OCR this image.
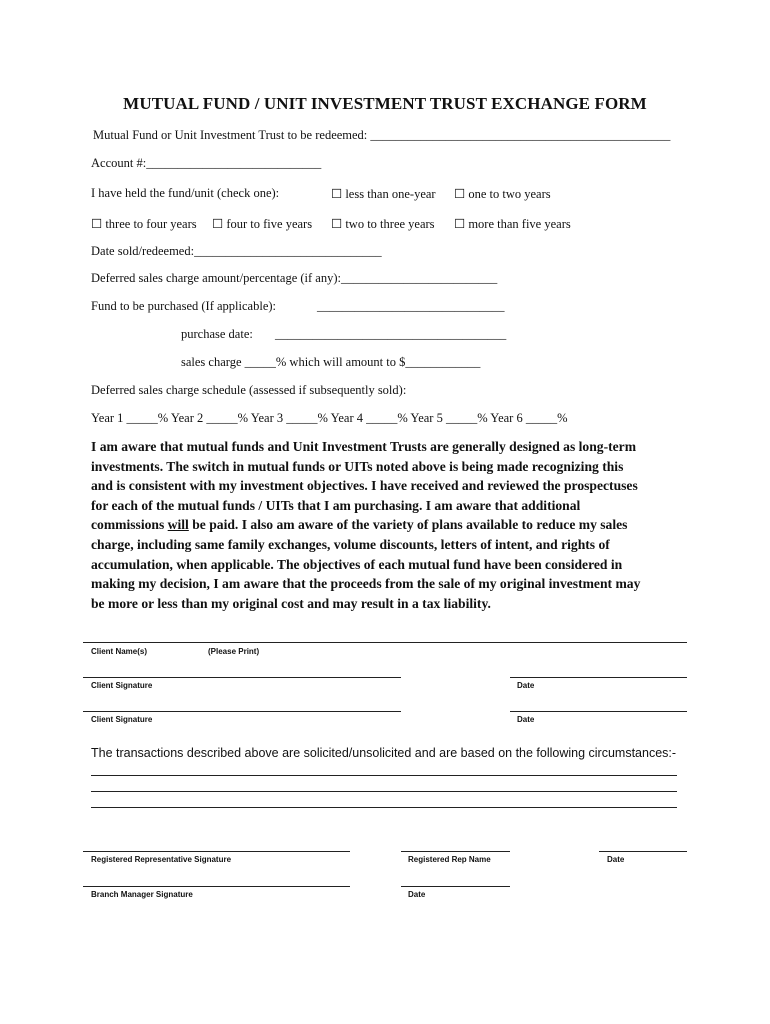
MUTUAL FUND / UNIT INVESTMENT TRUST EXCHANGE FORM
Mutual Fund or Unit Investment Trust to be redeemed: ________________________________________________
Account #:____________________________
I have held the fund/unit (check one):	☐ less than one-year ☐ one to two years
☐ three to four years ☐ four to five years ☐ two to three years ☐ more than five years
Date sold/redeemed:______________________________
Deferred sales charge amount/percentage (if any):_________________________
Fund to be purchased (If applicable):	______________________________
purchase date: _____________________________________
sales charge _____% which will amount to $____________
Deferred sales charge schedule (assessed if subsequently sold):
Year 1 _____% Year 2 _____% Year 3 _____% Year 4 _____% Year 5 _____% Year 6 _____%
I am aware that mutual funds and Unit Investment Trusts are generally designed as long-term
investments. The switch in mutual funds or UITs noted above is being made recognizing this
and is consistent with my investment objectives. I have received and reviewed the prospectuses
for each of the mutual funds / UITs that I am purchasing. I am aware that additional
commissions will be paid. I also am aware of the variety of plans available to reduce my sales
charge, including same family exchanges, volume discounts, letters of intent, and rights of
accumulation, when applicable. The objectives of each mutual fund have been considered in
making my decision, I am aware that the proceeds from the sale of my original investment may
be more or less than my original cost and may result in a tax liability.
Client Name(s)	(Please Print)
Client Signature	Date
Client Signature	Date
The transactions described above are solicited/unsolicited and are based on the following circumstances:-
Registered Representative Signature	Registered Rep Name	Date
Branch Manager Signature	Date
